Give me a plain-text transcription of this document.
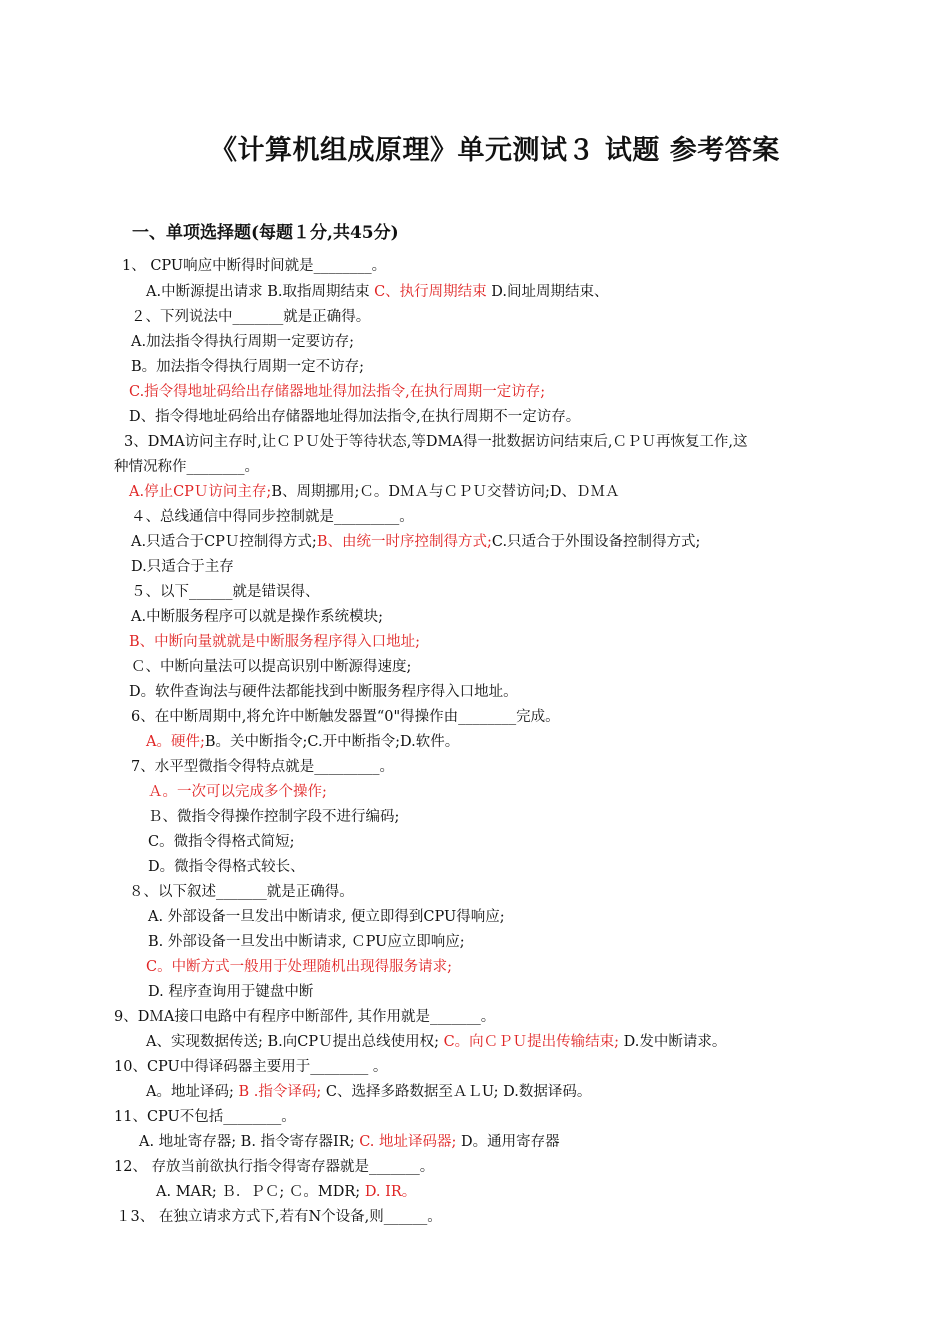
《计算机组成原理》单元测试３ 试题 参考答案
一、单项选择题(每题１分,共45分)
1、 CPU响应中断得时间就是________。
A.中断源提出请求 B.取指周期结束 C、执行周期结束 D.间址周期结束、
２、下列说法中_______就是正确得。
A.加法指令得执行周期一定要访存;
B。加法指令得执行周期一定不访存;
C.指令得地址码给出存储器地址得加法指令,在执行周期一定访存;
D、指令得地址码给出存储器地址得加法指令,在执行周期不一定访存。
3、DMA访问主存时,让ＣＰＵ处于等待状态,等DMA得一批数据访问结束后,ＣＰＵ再恢复工作,这
种情况称作________。
A.停止CPＵ访问主存;B、周期挪用;Ｃ。DＭＡ与ＣＰＵ交替访问;D、ＤＭＡ
４、总线通信中得同步控制就是_________。
A.只适合于CPＵ控制得方式;B、由统一时序控制得方式;C.只适合于外围设备控制得方式;
D.只适合于主存
５、以下______就是错误得、
A.中断服务程序可以就是操作系统模块;
B、中断向量就就是中断服务程序得入口地址;
Ｃ、中断向量法可以提高识别中断源得速度;
D。软件查询法与硬件法都能找到中断服务程序得入口地址。
6、在中断周期中,将允许中断触发器置“0"得操作由________完成。
A。硬件;B。关中断指令;C.开中断指令;D.软件。
7、水平型微指令得特点就是_________。
Ａ。一次可以完成多个操作;
Ｂ、微指令得操作控制字段不进行编码;
C。微指令得格式简短;
D。微指令得格式较长、
８、以下叙述_______就是正确得。
A. 外部设备一旦发出中断请求, 便立即得到CPU得响应;
B. 外部设备一旦发出中断请求, ＣPU应立即响应;
C。中断方式一般用于处理随机出现得服务请求;
D. 程序查询用于键盘中断
9、DＭA接口电路中有程序中断部件, 其作用就是_______。
A、实现数据传送; B.向CPＵ提出总线使用权; C。向ＣＰＵ提出传输结束; D.发中断请求。
10、CPU中得译码器主要用于________ 。
A。地址译码; B .指令译码; C、选择多路数据至ＡＬU; D.数据译码。
11、CPU不包括________。
A. 地址寄存器; B. 指令寄存器IR; C. 地址译码器; D。通用寄存器
12、 存放当前欲执行指令得寄存器就是_______。
A. MAR; Ｂ．ＰＣ; Ｃ。MDR; D. IR。
１3、 在独立请求方式下,若有N个设备,则______。
